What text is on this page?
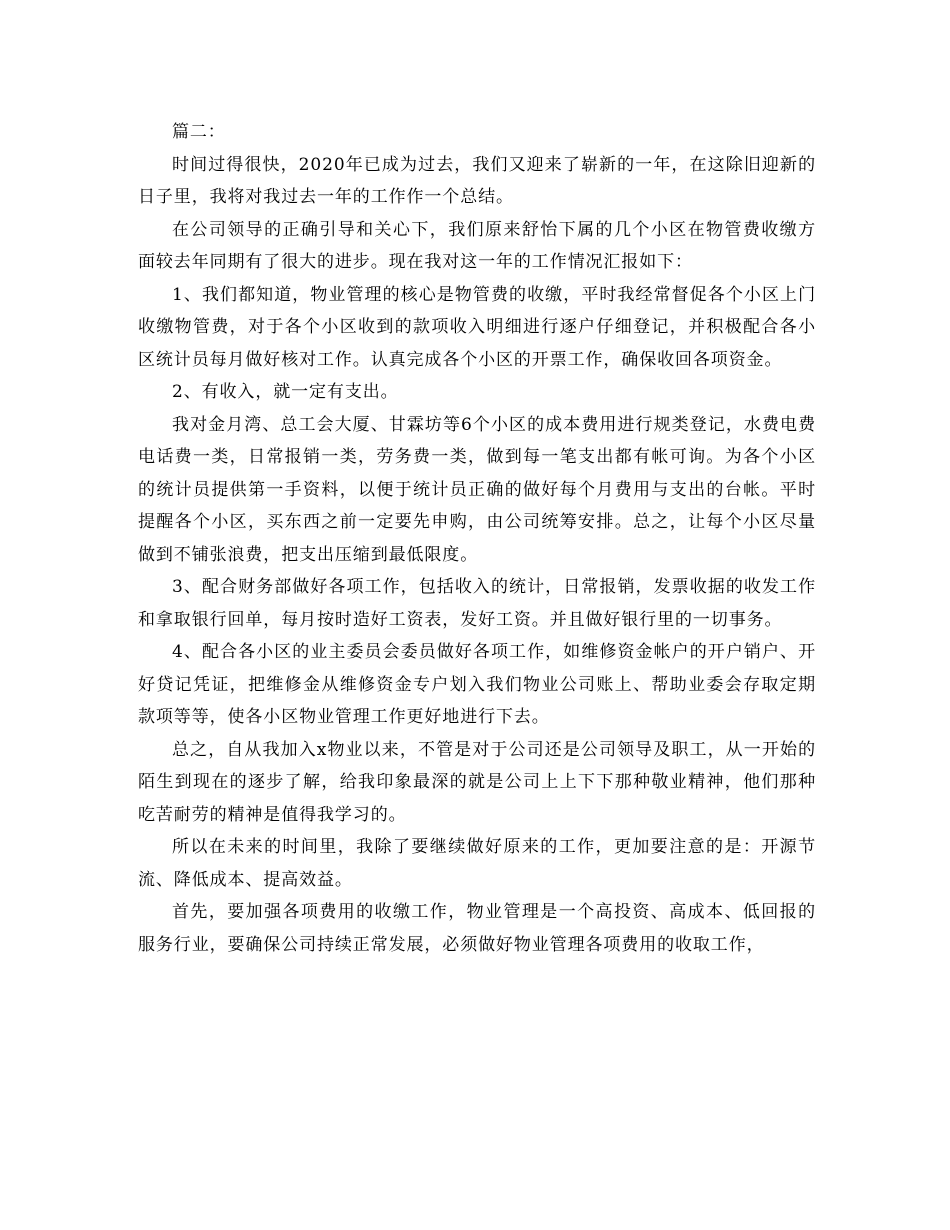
篇二：

时间过得很快，2020年已成为过去，我们又迎来了崭新的一年，在这除旧迎新的日子里，我将对我过去一年的工作作一个总结。

在公司领导的正确引导和关心下，我们原来舒怡下属的几个小区在物管费收缴方面较去年同期有了很大的进步。现在我对这一年的工作情况汇报如下：

1、我们都知道，物业管理的核心是物管费的收缴，平时我经常督促各个小区上门收缴物管费，对于各个小区收到的款项收入明细进行逐户仔细登记，并积极配合各小区统计员每月做好核对工作。认真完成各个小区的开票工作，确保收回各项资金。

2、有收入，就一定有支出。

我对金月湾、总工会大厦、甘霖坊等6个小区的成本费用进行规类登记，水费电费电话费一类，日常报销一类，劳务费一类，做到每一笔支出都有帐可询。为各个小区的统计员提供第一手资料，以便于统计员正确的做好每个月费用与支出的台帐。平时提醒各个小区，买东西之前一定要先申购，由公司统筹安排。总之，让每个小区尽量做到不铺张浪费，把支出压缩到最低限度。

3、配合财务部做好各项工作，包括收入的统计，日常报销，发票收据的收发工作和拿取银行回单，每月按时造好工资表，发好工资。并且做好银行里的一切事务。

4、配合各小区的业主委员会委员做好各项工作，如维修资金帐户的开户销户、开好贷记凭证，把维修金从维修资金专户划入我们物业公司账上、帮助业委会存取定期款项等等，使各小区物业管理工作更好地进行下去。

总之，自从我加入x物业以来，不管是对于公司还是公司领导及职工，从一开始的陌生到现在的逐步了解，给我印象最深的就是公司上上下下那种敬业精神，他们那种吃苦耐劳的精神是值得我学习的。

所以在未来的时间里，我除了要继续做好原来的工作，更加要注意的是：开源节流、降低成本、提高效益。

首先，要加强各项费用的收缴工作，物业管理是一个高投资、高成本、低回报的服务行业，要确保公司持续正常发展，必须做好物业管理各项费用的收取工作，
